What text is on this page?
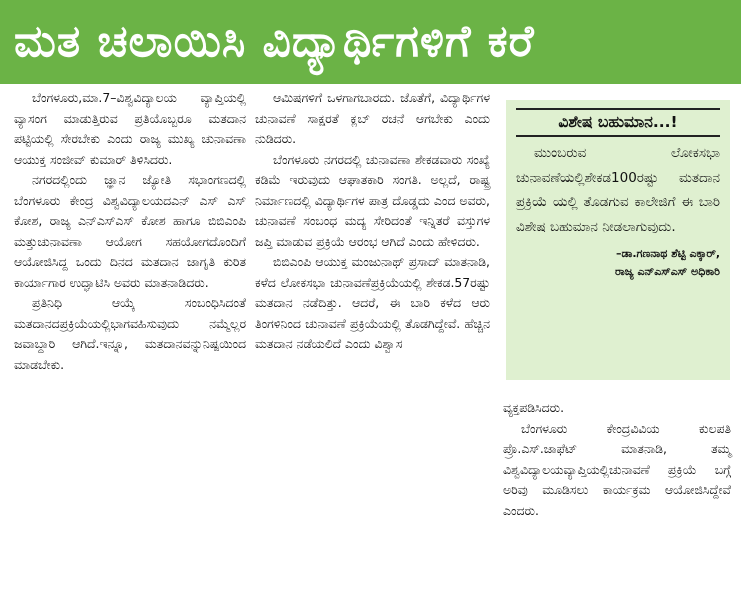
ಮತ ಚಲಾಯಿಸಿ ವಿದ್ಯಾರ್ಥಿಗಳಿಗೆ ಕರೆ

ಬೆಂಗಳೂರು,ಮಾ.7–ವಿಶ್ವವಿದ್ಯಾಲಯ ವ್ಯಾಪ್ತಿಯಲ್ಲಿ ವ್ಯಾಸಂಗ ಮಾಡುತ್ತಿರುವ ಪ್ರತಿಯೊಬ್ಬರೂ ಮತದಾನ ಪಟ್ಟಿಯಲ್ಲಿ ಸೇರಬೇಕು ಎಂದು ರಾಜ್ಯ ಮುಖ್ಯ ಚುನಾವಣಾ ಆಯುಕ್ತ ಸಂಜೀವ್ ಕುಮಾರ್ ತಿಳಿಸಿದರು.

ನಗರದಲ್ಲಿಂದು ಜ್ಞಾನ ಜ್ಯೋತಿ ಸಭಾಂಗಣದಲ್ಲಿ ಬೆಂಗಳೂರು ಕೇಂದ್ರ ವಿಶ್ವವಿದ್ಯಾಲಯದಎನ್ ಎಸ್ ಎಸ್ ಕೋಶ, ರಾಜ್ಯ ಎನ್‌ಎಸ್‌ಎಸ್ ಕೋಶ ಹಾಗೂ ಬಿಬಿಎಂಪಿ ಮತ್ತುಚುನಾವಣಾ ಆಯೋಗ ಸಹಯೋಗದೊಂದಿಗೆ ಆಯೋಜಿಸಿದ್ದ ಒಂದು ದಿನದ ಮತದಾನ ಜಾಗೃತಿ ಕುರಿತ ಕಾರ್ಯಾಗಾರ ಉದ್ಘಾಟಿಸಿ ಅವರು ಮಾತನಾಡಿದರು.

ಪ್ರತಿನಿಧಿ ಆಯ್ಕೆ ಸಂಬಂಧಿಸಿದಂತೆ ಮತದಾನದಪ್ರಕ್ರಿಯೆಯಲ್ಲಿಭಾಗವಹಿಸುವುದು ನಮ್ಮೆಲ್ಲರ ಜವಾಬ್ದಾರಿ ಆಗಿದೆ.ಇನ್ನೂ, ಮತದಾನವನ್ನುನಿಷ್ಪಯಿಂದ ಮಾಡಬೇಕು.

ಆಮಿಷಗಳಿಗೆ ಒಳಗಾಗಬಾರದು. ಜೊತೆಗೆ, ವಿದ್ಯಾರ್ಥಿಗಳ ಚುನಾವಣೆ ಸಾಕ್ಷರತೆ ಕ್ಲಬ್ ರಚನೆ ಆಗಬೇಕು ಎಂದು ನುಡಿದರು.

ಬೆಂಗಳೂರು ನಗರದಲ್ಲಿ ಚುನಾವಣಾ ಶೇಕಡವಾರು ಸಂಖ್ಯೆ ಕಡಿಮೆ ಇರುವುದು ಆಘಾತಕಾರಿ ಸಂಗತಿ. ಅಲ್ಲದೆ, ರಾಷ್ಟ್ರ ನಿರ್ಮಾಣದಲ್ಲಿ ವಿದ್ಯಾರ್ಥಿಗಳ ಪಾತ್ರ ದೊಡ್ಡದು ಎಂದ ಅವರು, ಚುನಾವಣೆ ಸಂಬಂಧ ಮದ್ಯ ಸೇರಿದಂತೆ ಇನ್ನಿತರೆ ವಸ್ತುಗಳ ಜಪ್ತಿ ಮಾಡುವ ಪ್ರಕ್ರಿಯೆ ಆರಂಭ ಆಗಿದೆ ಎಂದು ಹೇಳಿದರು.

ಬಿಬಿಎಂಪಿ ಆಯುಕ್ತ ಮಂಜುನಾಥ್ ಪ್ರಸಾದ್ ಮಾತನಾಡಿ, ಕಳೆದ ಲೋಕಸಭಾ ಚುನಾವಣೆಪ್ರಕ್ರಿಯೆಯಲ್ಲಿ ಶೇಕಡ.57ರಷ್ಟು ಮತದಾನ ನಡೆದಿತ್ತು. ಆದರೆ, ಈ ಬಾರಿ ಕಳೆದ ಆರು ತಿಂಗಳಿನಿಂದ ಚುನಾವಣೆ ಪ್ರಕ್ರಿಯೆಯಲ್ಲಿ ತೊಡಗಿದ್ದೇವೆ. ಹೆಚ್ಚಿನ ಮತದಾನ ನಡೆಯಲಿದೆ ಎಂದು ವಿಶ್ವಾಸ

ವಿಶೇಷ ಬಹುಮಾನ...!

ಮುಂಬರುವ ಲೋಕಸಭಾ ಚುನಾವಣೆಯಲ್ಲಿಶೇಕಡ100ರಷ್ಟು ಮತದಾನ ಪ್ರಕ್ರಿಯೆ ಯಲ್ಲಿ ತೊಡಗುವ ಕಾಲೇಜಿಗೆ ಈ ಬಾರಿ ವಿಶೇಷ ಬಹುಮಾನ ನೀಡಲಾಗುವುದು.

–ಡಾ.ಗಣನಾಥ ಶೆಟ್ಟಿ ಎಕ್ಕಾರ್,
ರಾಜ್ಯ ಎನ್‌ಎಸ್‌ಎಸ್ ಅಧಿಕಾರಿ

ವ್ಯಕ್ತಪಡಿಸಿದರು.

ಬೆಂಗಳೂರು ಕೇಂದ್ರವಿವಿಯ ಕುಲಪತಿ ಪ್ರೊ.ಎಸ್.ಜಾಫೆಟ್ ಮಾತನಾಡಿ, ತಮ್ಮ ವಿಶ್ವವಿದ್ಯಾಲಯವ್ಯಾಪ್ತಿಯಲ್ಲಿಚುನಾವಣೆ ಪ್ರಕ್ರಿಯೆ ಬಗ್ಗೆ ಅರಿವು ಮೂಡಿಸಲು ಕಾರ್ಯಕ್ರಮ ಆಯೋಜಿಸಿದ್ದೇವೆ ಎಂದರು.
